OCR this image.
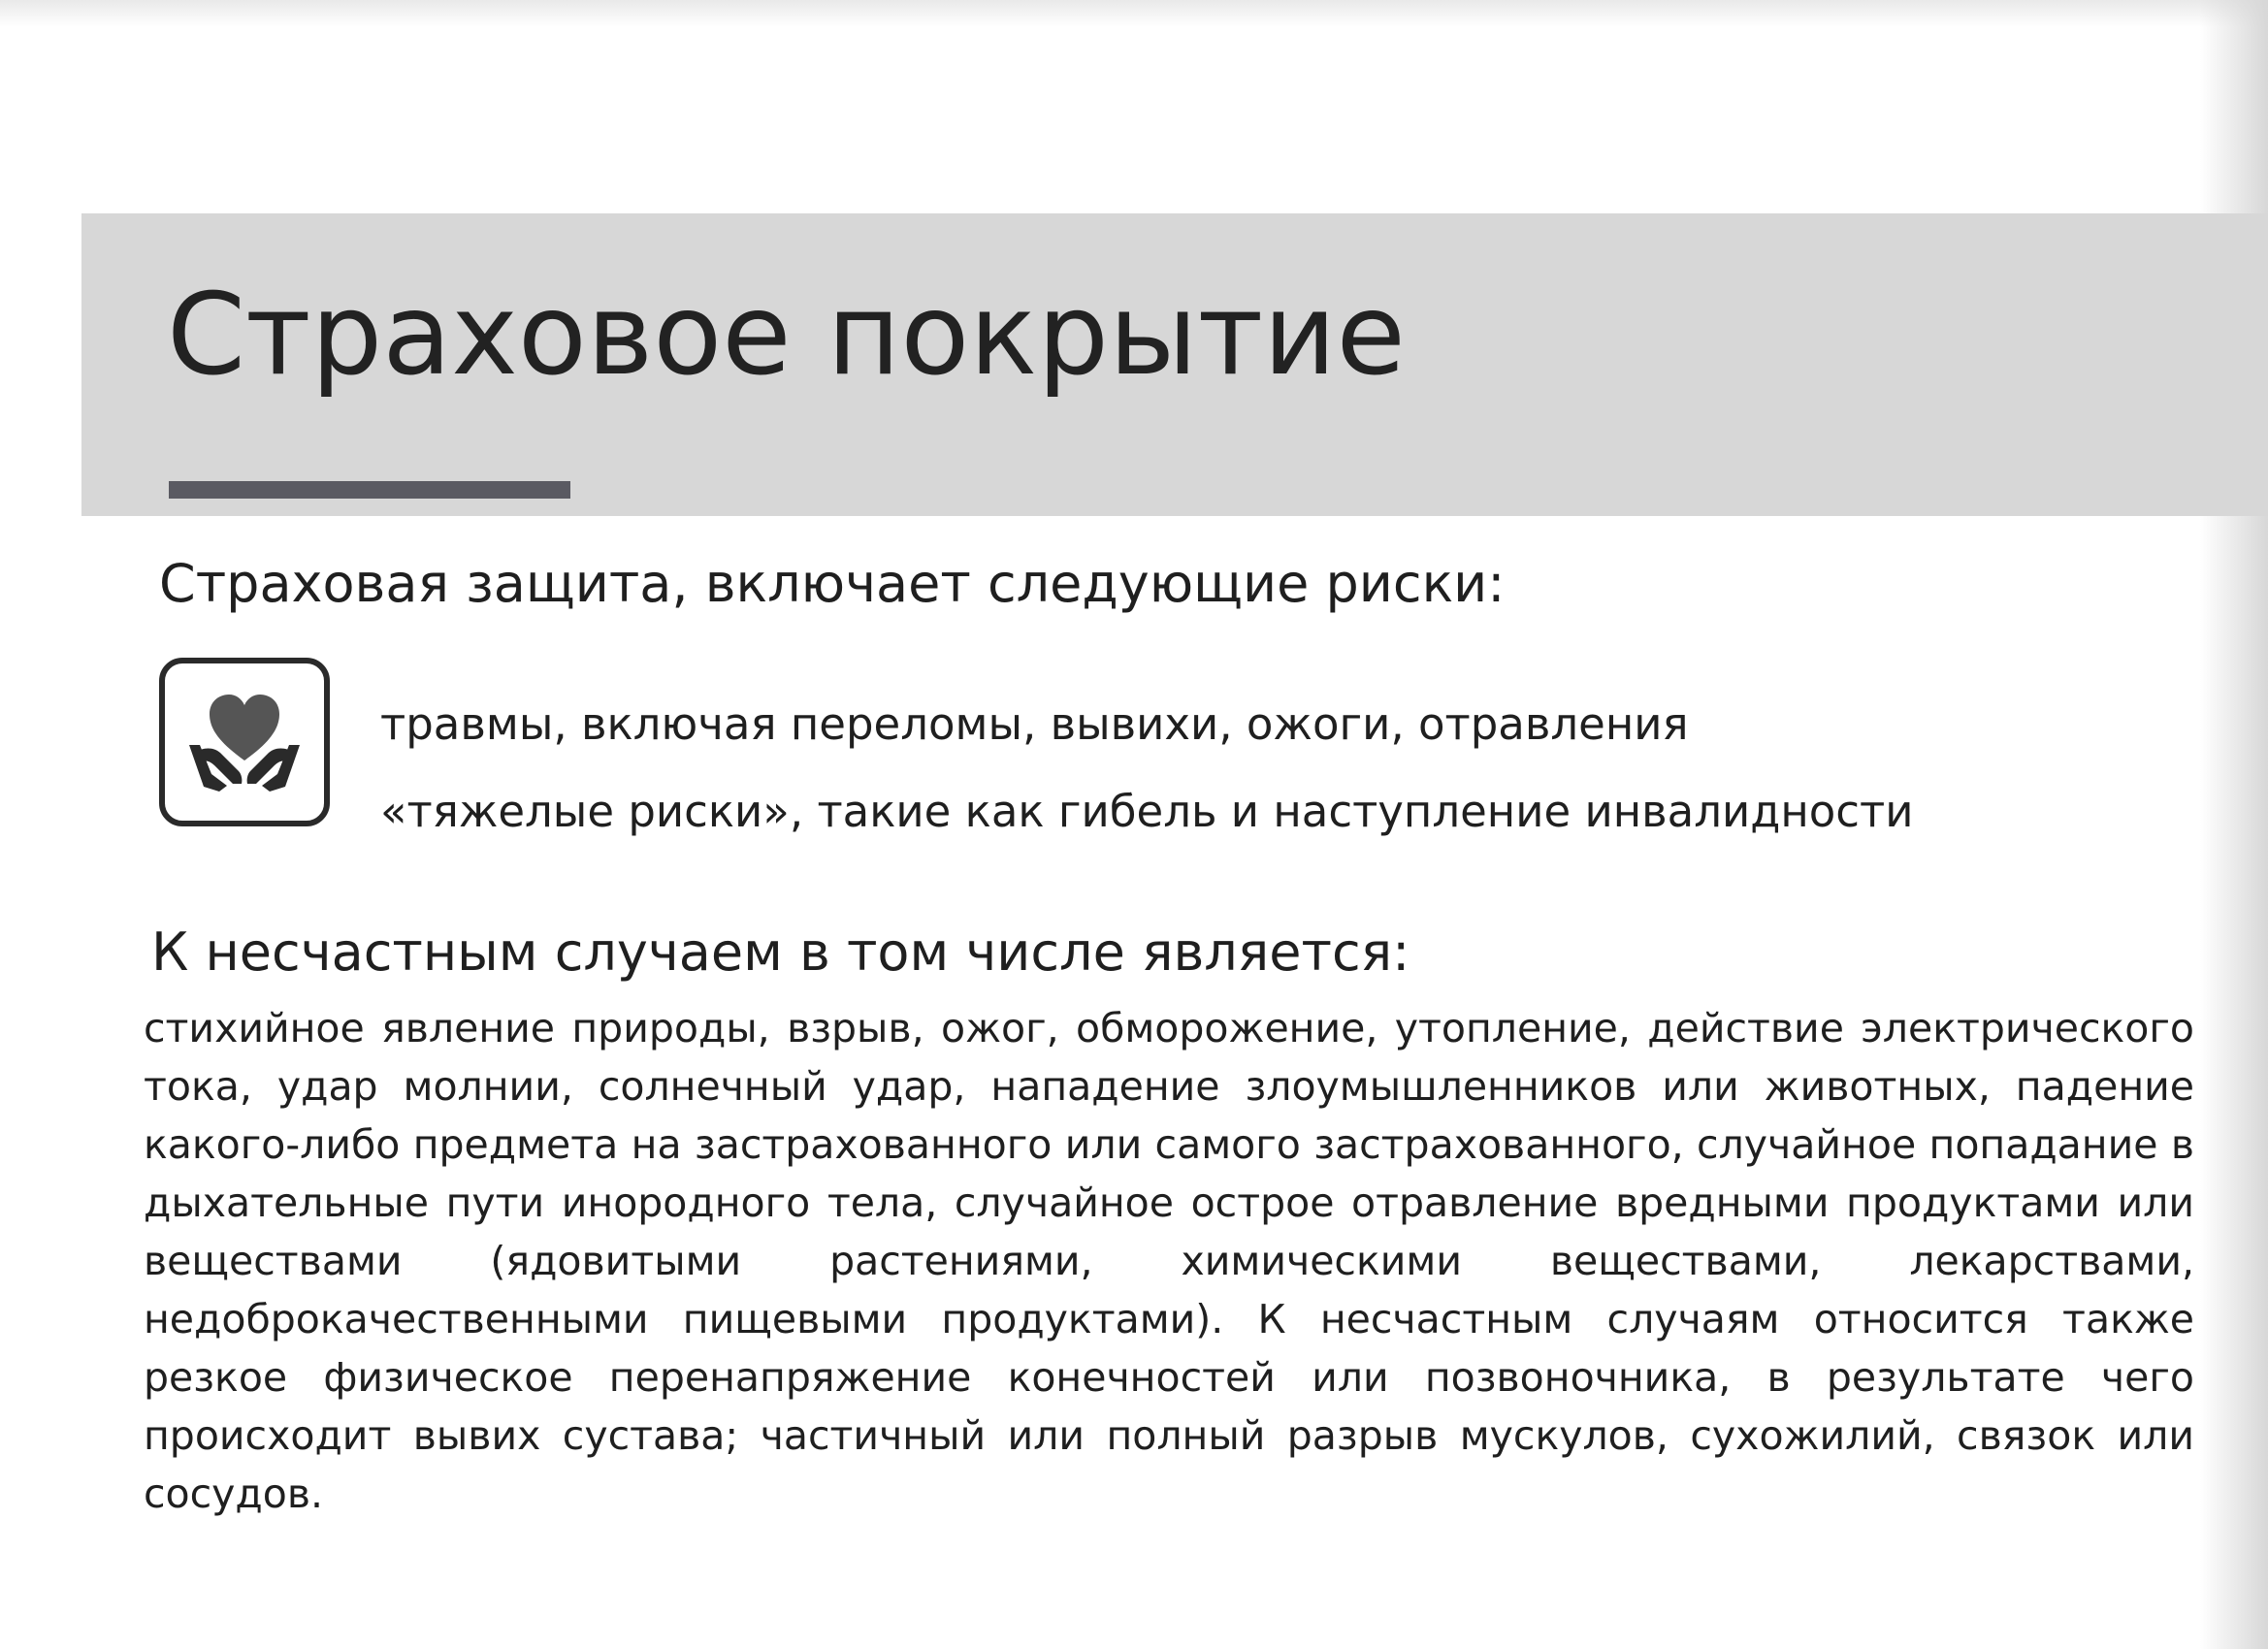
Страховое покрытие
Страховая защита, включает следующие риски:
травмы, включая переломы, вывихи, ожоги, отравления
«тяжелые риски», такие как гибель и наступление инвалидности
К несчастным случаем в том числе является:
стихийное явление природы, взрыв, ожог, обморожение, утопление, действие электрического тока, удар молнии, солнечный удар, нападение злоумышленников или животных, падение какого-либо предмета на застрахованного или самого застрахованного, случайное попадание в дыхательные пути инородного тела, случайное острое отравление вредными продуктами или веществами (ядовитыми растениями, химическими веществами, лекарствами, недоброкачественными пищевыми продуктами). К несчастным случаям относится также резкое физическое перенапряжение конечностей или позвоночника, в результате чего происходит вывих сустава; частичный или полный разрыв мускулов, сухожилий, связок или сосудов.
